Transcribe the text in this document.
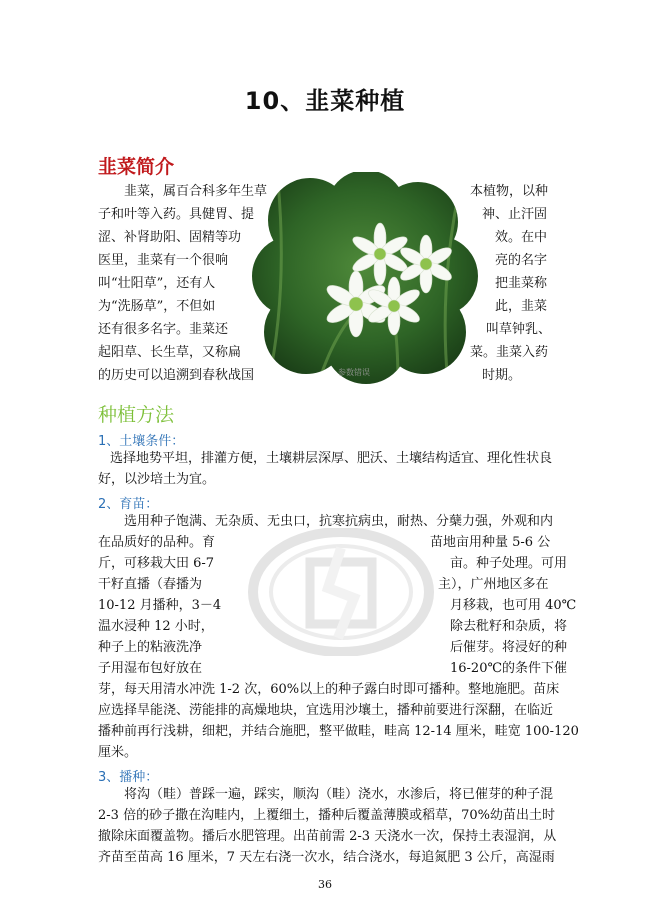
10、韭菜种植
韭菜简介
韭菜，属百合科多年生草	本植物，以种
子和叶等入药。具健胃、提	神、止汗固
涩、补肾助阳、固精等功	效。在中
医里，韭菜有一个很响	亮的名字
叫“壮阳草”，还有人	把韭菜称
为“洗肠草”，不但如	此，韭菜
还有很多名字。韭菜还	叫草钟乳、
起阳草、长生草，又称扁	菜。韭菜入药
的历史可以追溯到春秋战国	时期。
参数错误
种植方法
1、土壤条件：
选择地势平坦，排灌方便，土壤耕层深厚、肥沃、土壤结构适宜、理化性状良
好，以沙培土为宜。
2、育苗：
选用种子饱满、无杂质、无虫口，抗寒抗病虫，耐热、分蘖力强，外观和内
在品质好的品种。育	苗地亩用种量 5-6 公
斤，可移栽大田 6-7	亩。种子处理。可用
干籽直播（春播为	主），广州地区多在
10-12 月播种，3－4	月移栽，也可用 40℃
温水浸种 12 小时，	除去秕籽和杂质，将
种子上的粘液洗净	后催芽。将浸好的种
子用湿布包好放在	16-20℃的条件下催
芽，每天用清水冲洗 1-2 次，60%以上的种子露白时即可播种。整地施肥。苗床
应选择旱能浇、涝能排的高燥地块，宜选用沙壤土，播种前要进行深翻，在临近
播种前再行浅耕，细耙，并结合施肥，整平做畦，畦高 12-14 厘米，畦宽 100-120
厘米。
3、播种：
将沟（畦）普踩一遍，踩实，顺沟（畦）浇水，水渗后，将已催芽的种子混
2-3 倍的砂子撒在沟畦内，上覆细土，播种后覆盖薄膜或稻草，70%幼苗出土时
撤除床面覆盖物。播后水肥管理。出苗前需 2-3 天浇水一次，保持土表湿润，从
齐苗至苗高 16 厘米，7 天左右浇一次水，结合浇水，每追氮肥 3 公斤，高湿雨
36
